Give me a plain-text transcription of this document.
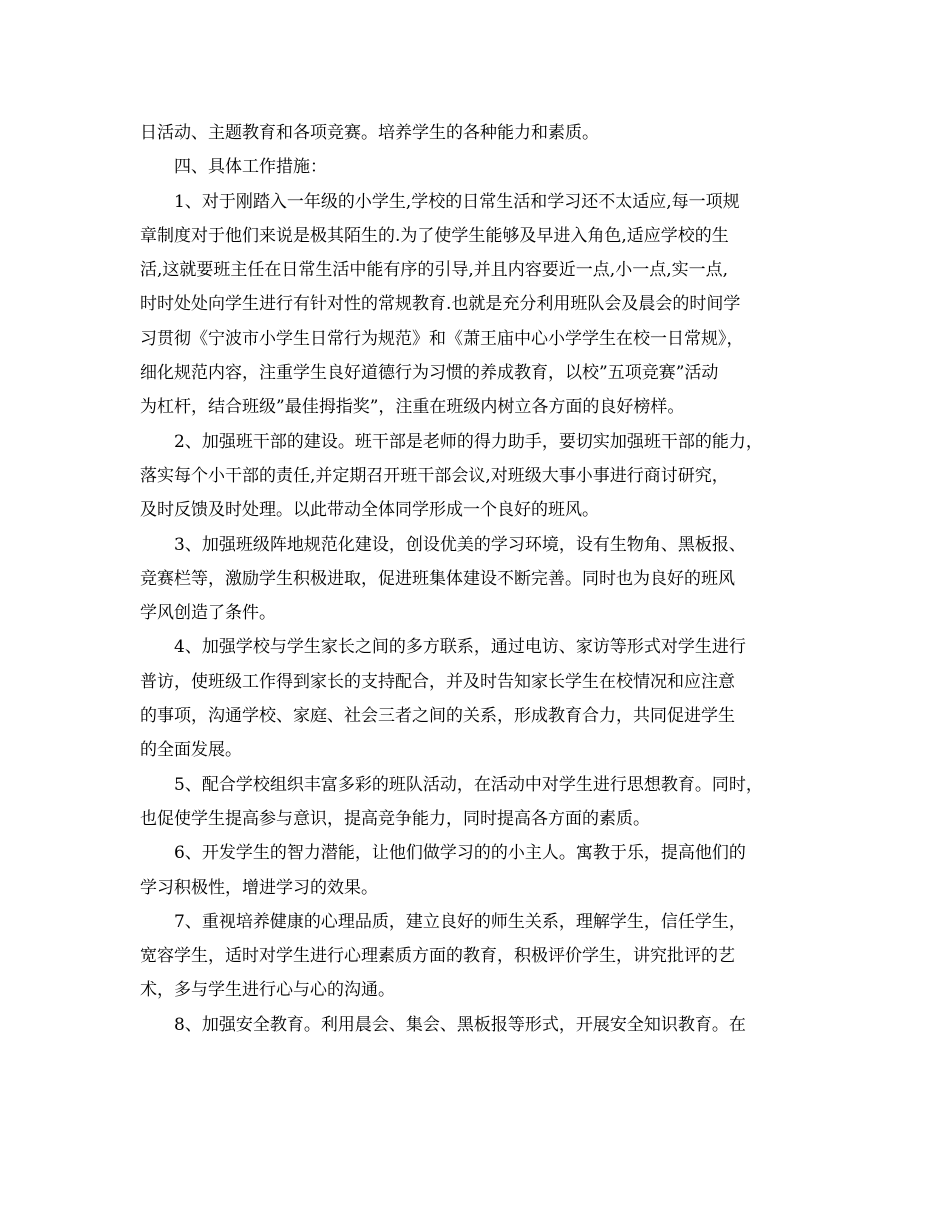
日活动、主题教育和各项竞赛。培养学生的各种能力和素质。
四、具体工作措施：
1、对于刚踏入一年级的小学生,学校的日常生活和学习还不太适应,每一项规
章制度对于他们来说是极其陌生的.为了使学生能够及早进入角色,适应学校的生
活,这就要班主任在日常生活中能有序的引导,并且内容要近一点,小一点,实一点,
时时处处向学生进行有针对性的常规教育.也就是充分利用班队会及晨会的时间学
习贯彻《宁波市小学生日常行为规范》和《萧王庙中心小学学生在校一日常规》，
细化规范内容，注重学生良好道德行为习惯的养成教育，以校”五项竞赛”活动
为杠杆，结合班级”最佳拇指奖”，注重在班级内树立各方面的良好榜样。
2、加强班干部的建设。班干部是老师的得力助手，要切实加强班干部的能力，
落实每个小干部的责任,并定期召开班干部会议,对班级大事小事进行商讨研究，
及时反馈及时处理。以此带动全体同学形成一个良好的班风。
3、加强班级阵地规范化建设，创设优美的学习环境，设有生物角、黑板报、
竞赛栏等，激励学生积极进取，促进班集体建设不断完善。同时也为良好的班风
学风创造了条件。
4、加强学校与学生家长之间的多方联系，通过电访、家访等形式对学生进行
普访，使班级工作得到家长的支持配合，并及时告知家长学生在校情况和应注意
的事项，沟通学校、家庭、社会三者之间的关系，形成教育合力，共同促进学生
的全面发展。
5、配合学校组织丰富多彩的班队活动，在活动中对学生进行思想教育。同时，
也促使学生提高参与意识，提高竞争能力，同时提高各方面的素质。
6、开发学生的智力潜能，让他们做学习的的小主人。寓教于乐，提高他们的
学习积极性，增进学习的效果。
7、重视培养健康的心理品质，建立良好的师生关系，理解学生，信任学生，
宽容学生，适时对学生进行心理素质方面的教育，积极评价学生，讲究批评的艺
术，多与学生进行心与心的沟通。
8、加强安全教育。利用晨会、集会、黑板报等形式，开展安全知识教育。在
